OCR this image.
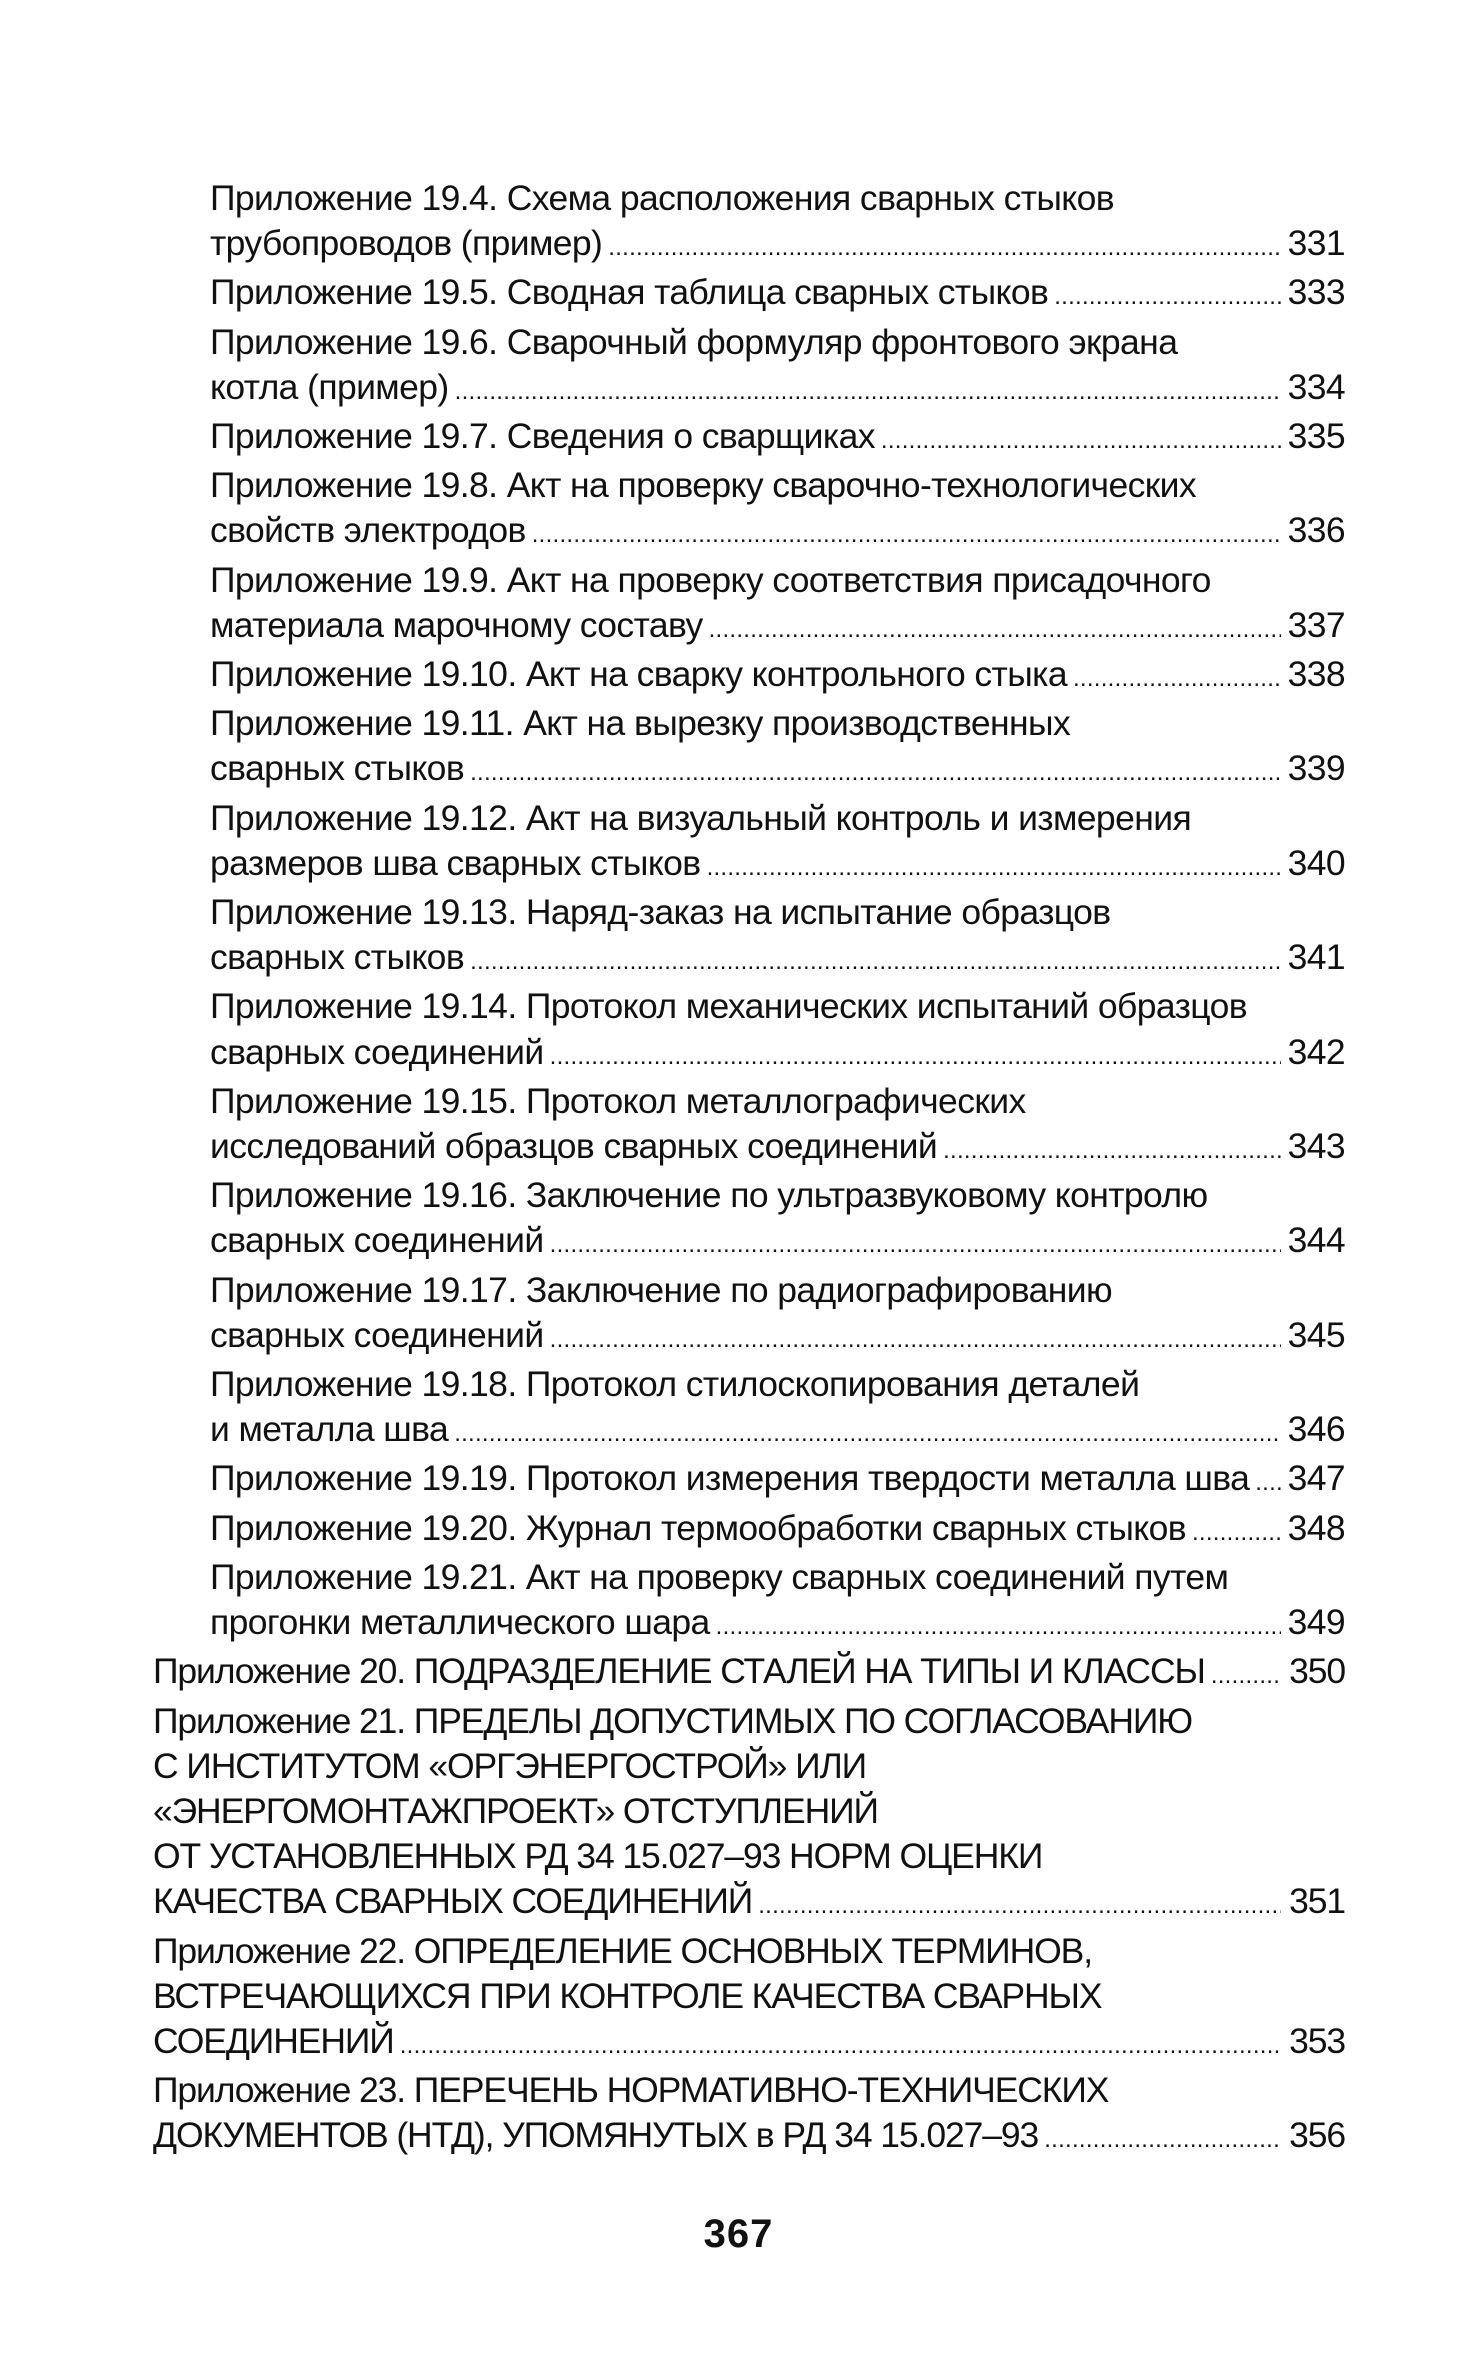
Приложение 19.4. Схема расположения сварных стыков
трубопроводов (пример) . . .	331
Приложение 19.5. Сводная таблица сварных стыков . . .	333
Приложение 19.6. Сварочный формуляр фронтового экрана
котла (пример) . . .	334
Приложение 19.7. Сведения о сварщиках . . .	335
Приложение 19.8. Акт на проверку сварочно-технологических
свойств электродов . . .	336
Приложение 19.9. Акт на проверку соответствия присадочного
материала марочному составу . . .	337
Приложение 19.10. Акт на сварку контрольного стыка . . .	338
Приложение 19.11. Акт на вырезку производственных
сварных стыков . . .	339
Приложение 19.12. Акт на визуальный контроль и измерения
размеров шва сварных стыков . . .	340
Приложение 19.13. Наряд-заказ на испытание образцов
сварных стыков . . .	341
Приложение 19.14. Протокол механических испытаний образцов
сварных соединений . . .	342
Приложение 19.15. Протокол металлографических
исследований образцов сварных соединений . . .	343
Приложение 19.16. Заключение по ультразвуковому контролю
сварных соединений . . .	344
Приложение 19.17. Заключение по радиографированию
сварных соединений . . .	345
Приложение 19.18. Протокол стилоскопирования деталей
и металла шва . . .	346
Приложение 19.19. Протокол измерения твердости металла шва . . . 347
Приложение 19.20. Журнал термообработки сварных стыков . . .	348
Приложение 19.21. Акт на проверку сварных соединений путем
прогонки металлического шара . . .	349
Приложение 20. ПОДРАЗДЕЛЕНИЕ СТАЛЕЙ НА ТИПЫ И КЛАССЫ . . . 350
Приложение 21. ПРЕДЕЛЫ ДОПУСТИМЫХ ПО СОГЛАСОВАНИЮ
С ИНСТИТУТОМ «ОРГЭНЕРГОСТРОЙ» ИЛИ
«ЭНЕРГОМОНТАЖПРОЕКТ» ОТСТУПЛЕНИЙ
ОТ УСТАНОВЛЕННЫХ РД 34 15.027–93 НОРМ ОЦЕНКИ
КАЧЕСТВА СВАРНЫХ СОЕДИНЕНИЙ . . .	351
Приложение 22. ОПРЕДЕЛЕНИЕ ОСНОВНЫХ ТЕРМИНОВ,
ВСТРЕЧАЮЩИХСЯ ПРИ КОНТРОЛЕ КАЧЕСТВА СВАРНЫХ
СОЕДИНЕНИЙ . . .	353
Приложение 23. ПЕРЕЧЕНЬ НОРМАТИВНО-ТЕХНИЧЕСКИХ
ДОКУМЕНТОВ (НТД), УПОМЯНУТЫХ в РД 34 15.027–93 . . .	356
367
